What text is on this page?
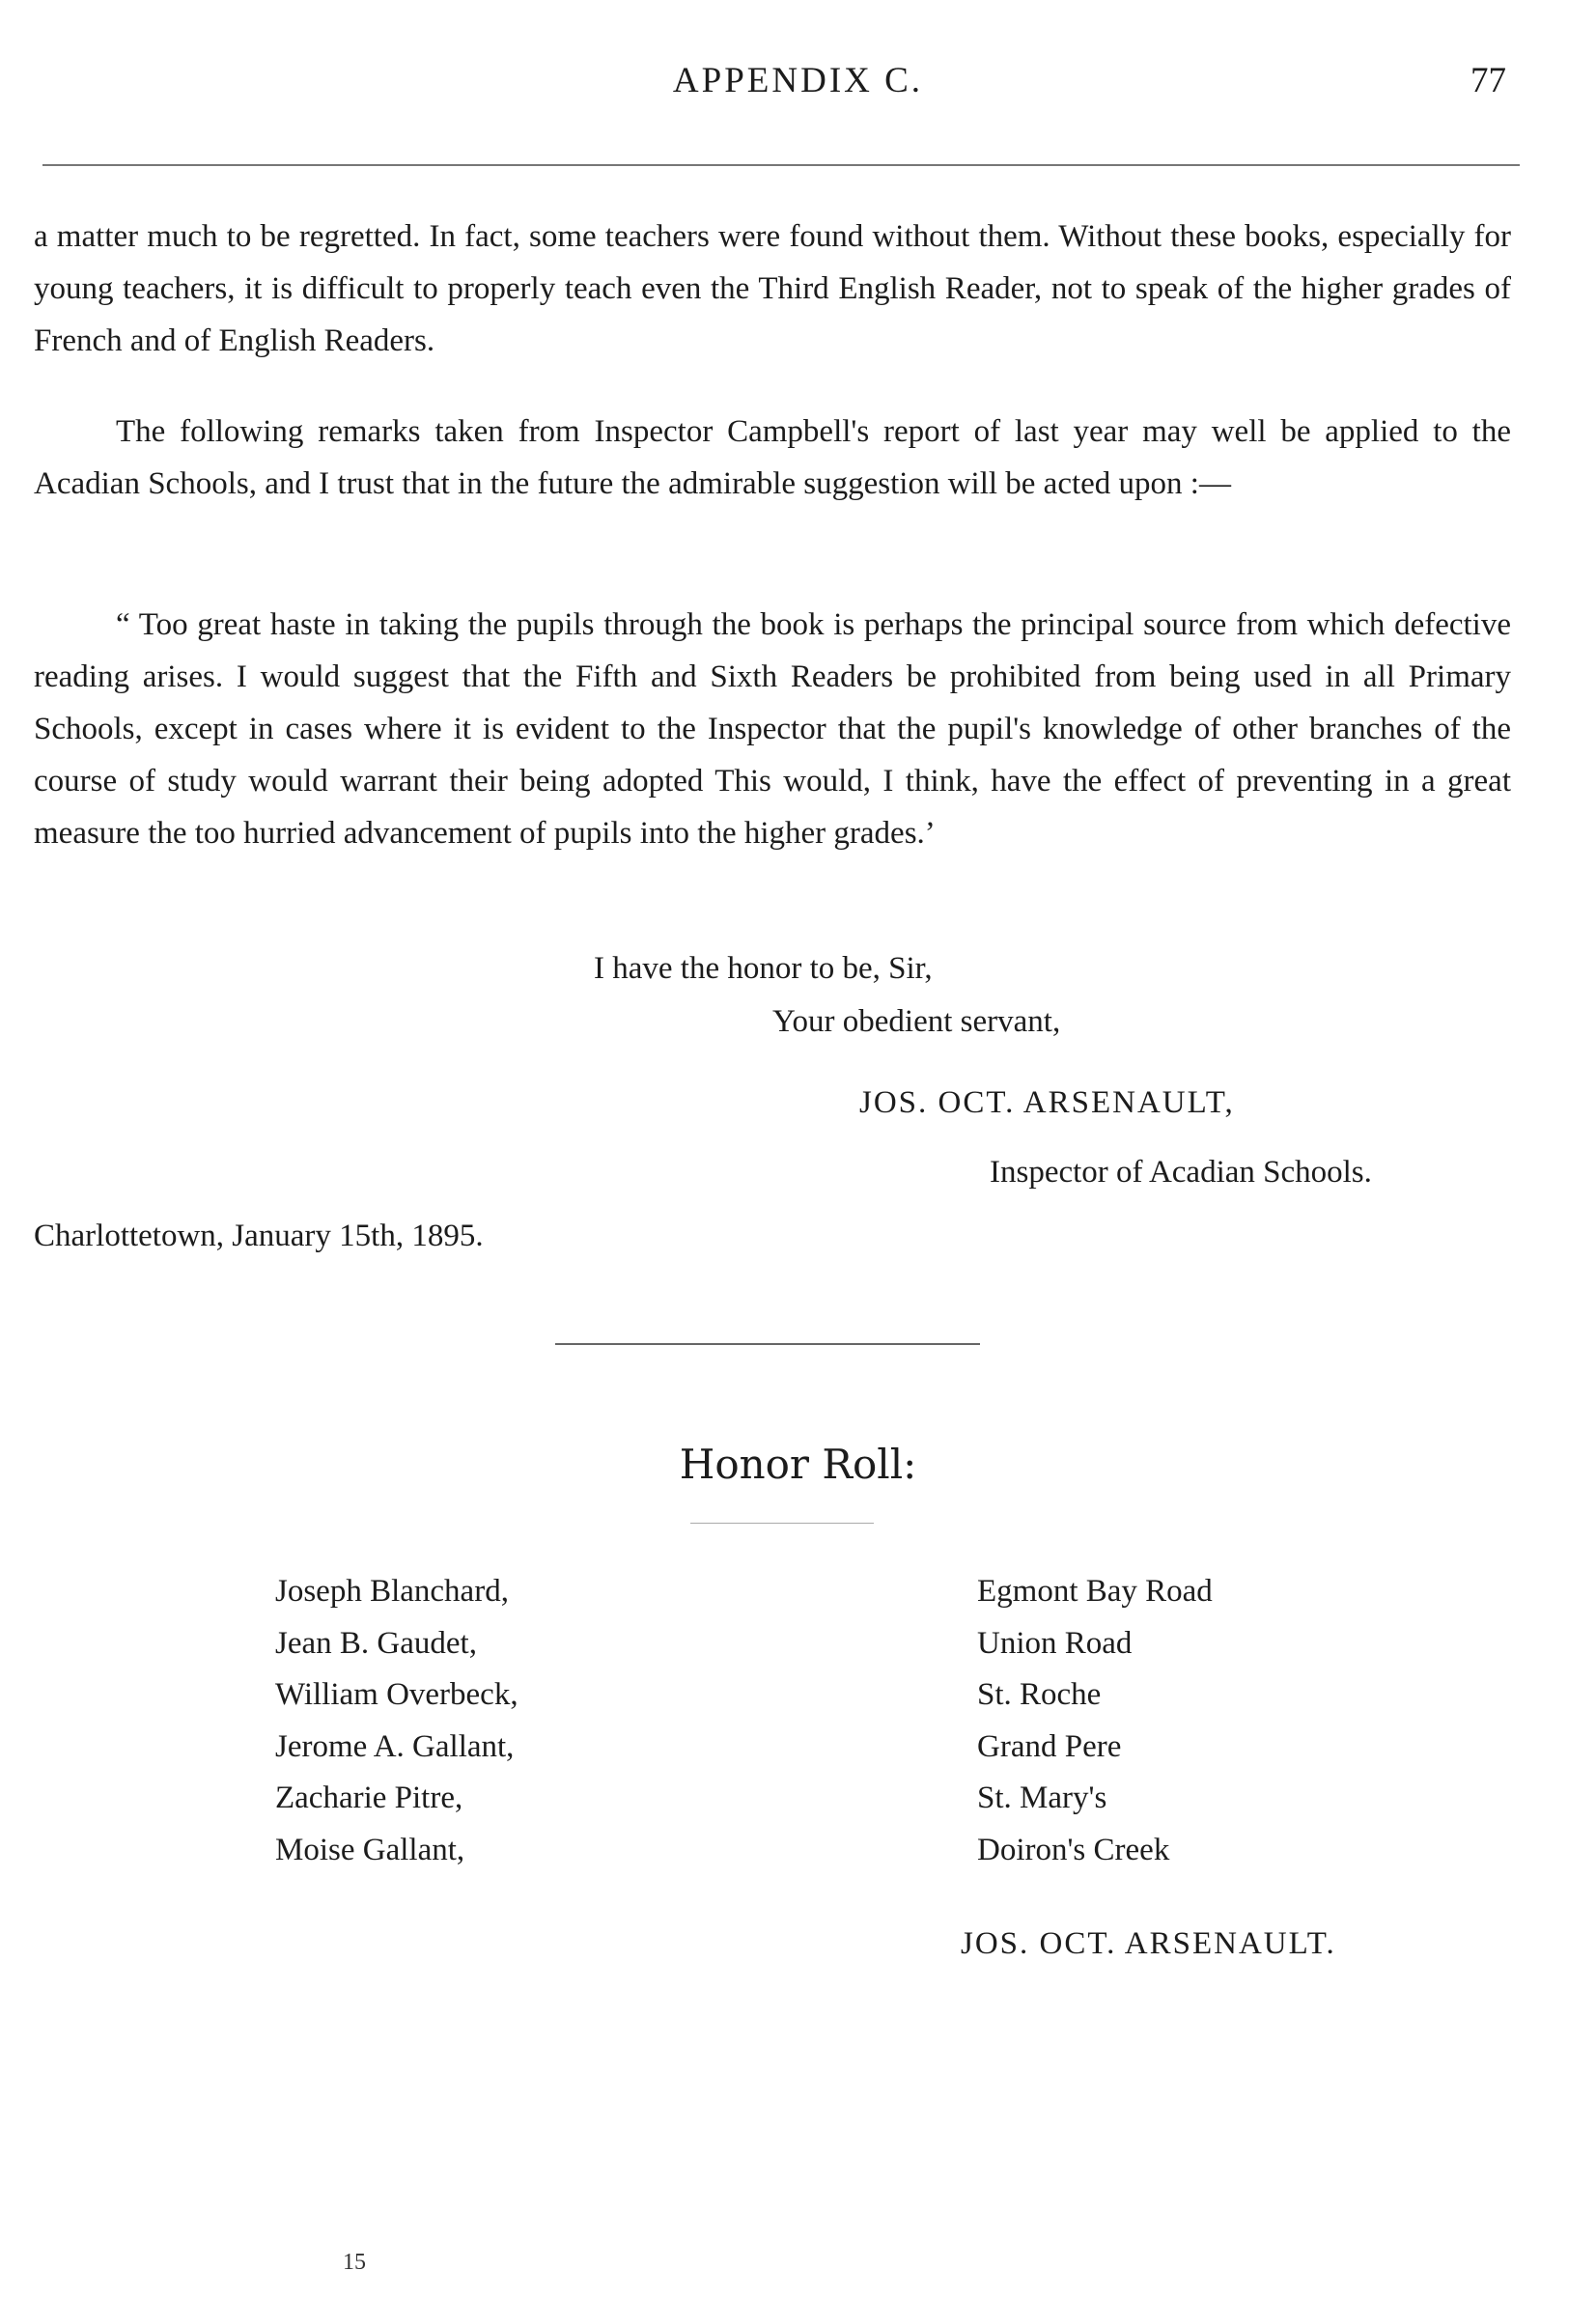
APPENDIX C.	77

a matter much to be regretted. In fact, some teachers were found without them. Without these books, especially for young teachers, it is difficult to properly teach even the Third English Reader, not to speak of the higher grades of French and of English Readers.

The following remarks taken from Inspector Campbell's report of last year may well be applied to the Acadian Schools, and I trust that in the future the admirable suggestion will be acted upon :—

“ Too great haste in taking the pupils through the book is perhaps the principal source from which defective reading arises. I would suggest that the Fifth and Sixth Readers be prohibited from being used in all Primary Schools, except in cases where it is evident to the Inspector that the pupil's knowledge of other branches of the course of study would warrant their being adopted This would, I think, have the effect of preventing in a great measure the too hurried advancement of pupils into the higher grades.’

I have the honor to be, Sir,
Your obedient servant,
JOS. OCT. ARSENAULT,
Inspector of Acadian Schools.
Charlottetown, January 15th, 1895.
Honor Roll:
Joseph Blanchard,	Egmont Bay Road
Jean B. Gaudet,	Union Road
William Overbeck,	St. Roche
Jerome A. Gallant,	Grand Pere
Zacharie Pitre,	St. Mary's
Moise Gallant,	Doiron's Creek
JOS. OCT. ARSENAULT.
15
